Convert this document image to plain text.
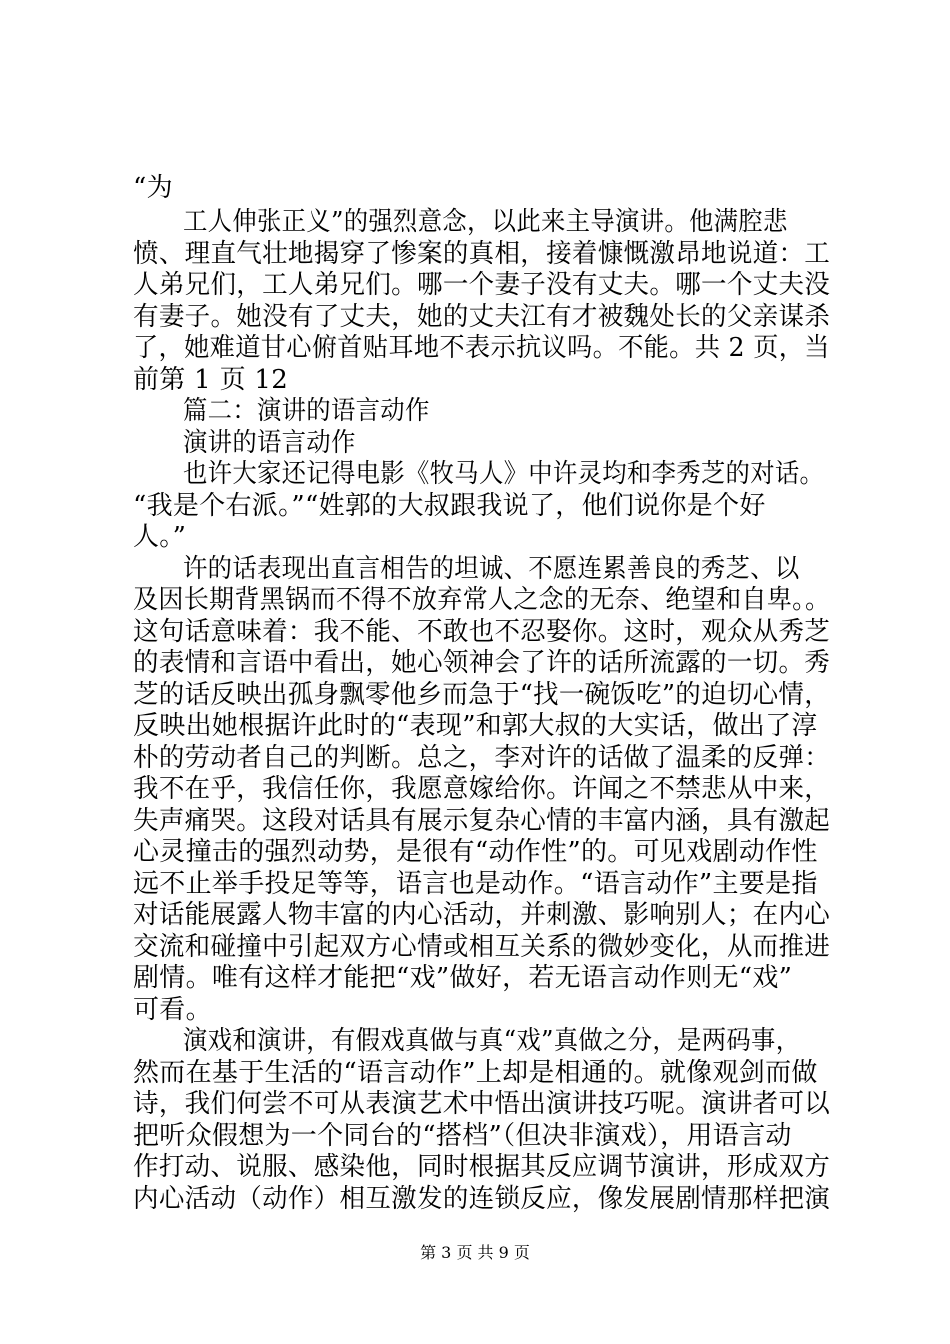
“为
工人伸张正义”的强烈意念，以此来主导演讲。他满腔悲
愤、理直气壮地揭穿了惨案的真相，接着慷慨激昂地说道：工
人弟兄们，工人弟兄们。哪一个妻子没有丈夫。哪一个丈夫没
有妻子。她没有了丈夫，她的丈夫江有才被魏处长的父亲谋杀
了，她难道甘心俯首贴耳地不表示抗议吗。不能。共 2 页，当
前第 1 页 12
篇二：演讲的语言动作
演讲的语言动作
也许大家还记得电影《牧马人》中许灵均和李秀芝的对话。
“我是个右派。”“姓郭的大叔跟我说了，他们说你是个好
人。”
许的话表现出直言相告的坦诚、不愿连累善良的秀芝、以
及因长期背黑锅而不得不放弃常人之念的无奈、绝望和自卑。。
这句话意味着：我不能、不敢也不忍娶你。这时，观众从秀芝
的表情和言语中看出，她心领神会了许的话所流露的一切。秀
芝的话反映出孤身飘零他乡而急于“找一碗饭吃”的迫切心情，
反映出她根据许此时的“表现”和郭大叔的大实话，做出了淳
朴的劳动者自己的判断。总之，李对许的话做了温柔的反弹：
我不在乎，我信任你，我愿意嫁给你。许闻之不禁悲从中来，
失声痛哭。这段对话具有展示复杂心情的丰富内涵，具有激起
心灵撞击的强烈动势，是很有“动作性”的。可见戏剧动作性
远不止举手投足等等，语言也是动作。“语言动作”主要是指
对话能展露人物丰富的内心活动，并刺激、影响别人；在内心
交流和碰撞中引起双方心情或相互关系的微妙变化，从而推进
剧情。唯有这样才能把“戏”做好，若无语言动作则无“戏”
可看。
演戏和演讲，有假戏真做与真“戏”真做之分，是两码事，
然而在基于生活的“语言动作”上却是相通的。就像观剑而做
诗，我们何尝不可从表演艺术中悟出演讲技巧呢。演讲者可以
把听众假想为一个同台的“搭档”（但决非演戏），用语言动
作打动、说服、感染他，同时根据其反应调节演讲，形成双方
内心活动（动作）相互激发的连锁反应，像发展剧情那样把演
第 3 页 共 9 页
